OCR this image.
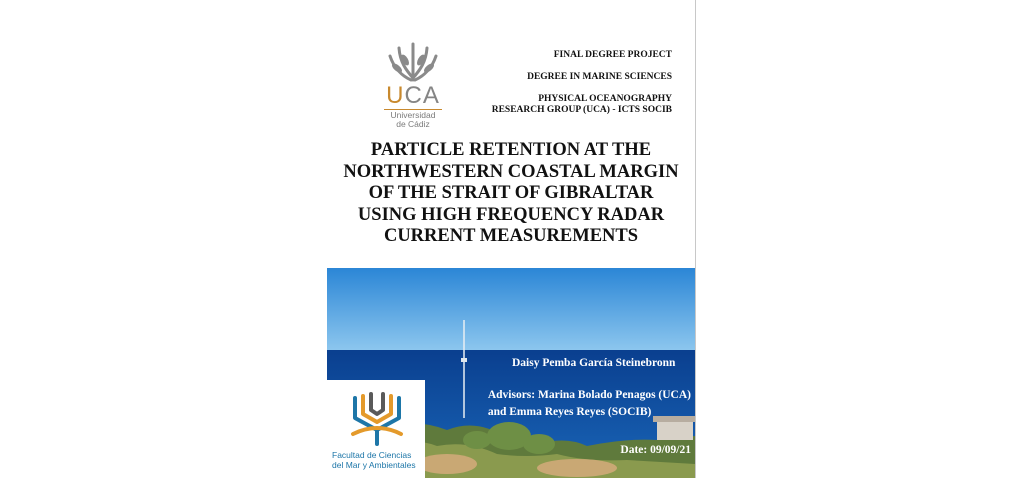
UCA
Universidad
de Cádiz
FINAL DEGREE PROJECT
DEGREE IN MARINE SCIENCES
PHYSICAL OCEANOGRAPHY
RESEARCH GROUP (UCA) - ICTS SOCIB
PARTICLE RETENTION AT THE
NORTHWESTERN COASTAL MARGIN
OF THE STRAIT OF GIBRALTAR
USING HIGH FREQUENCY RADAR
CURRENT MEASUREMENTS
Daisy Pemba García Steinebronn
Advisors: Marina Bolado Penagos (UCA)
and Emma Reyes Reyes (SOCIB)
Date: 09/09/21
Facultad de Ciencias
del Mar y Ambientales
